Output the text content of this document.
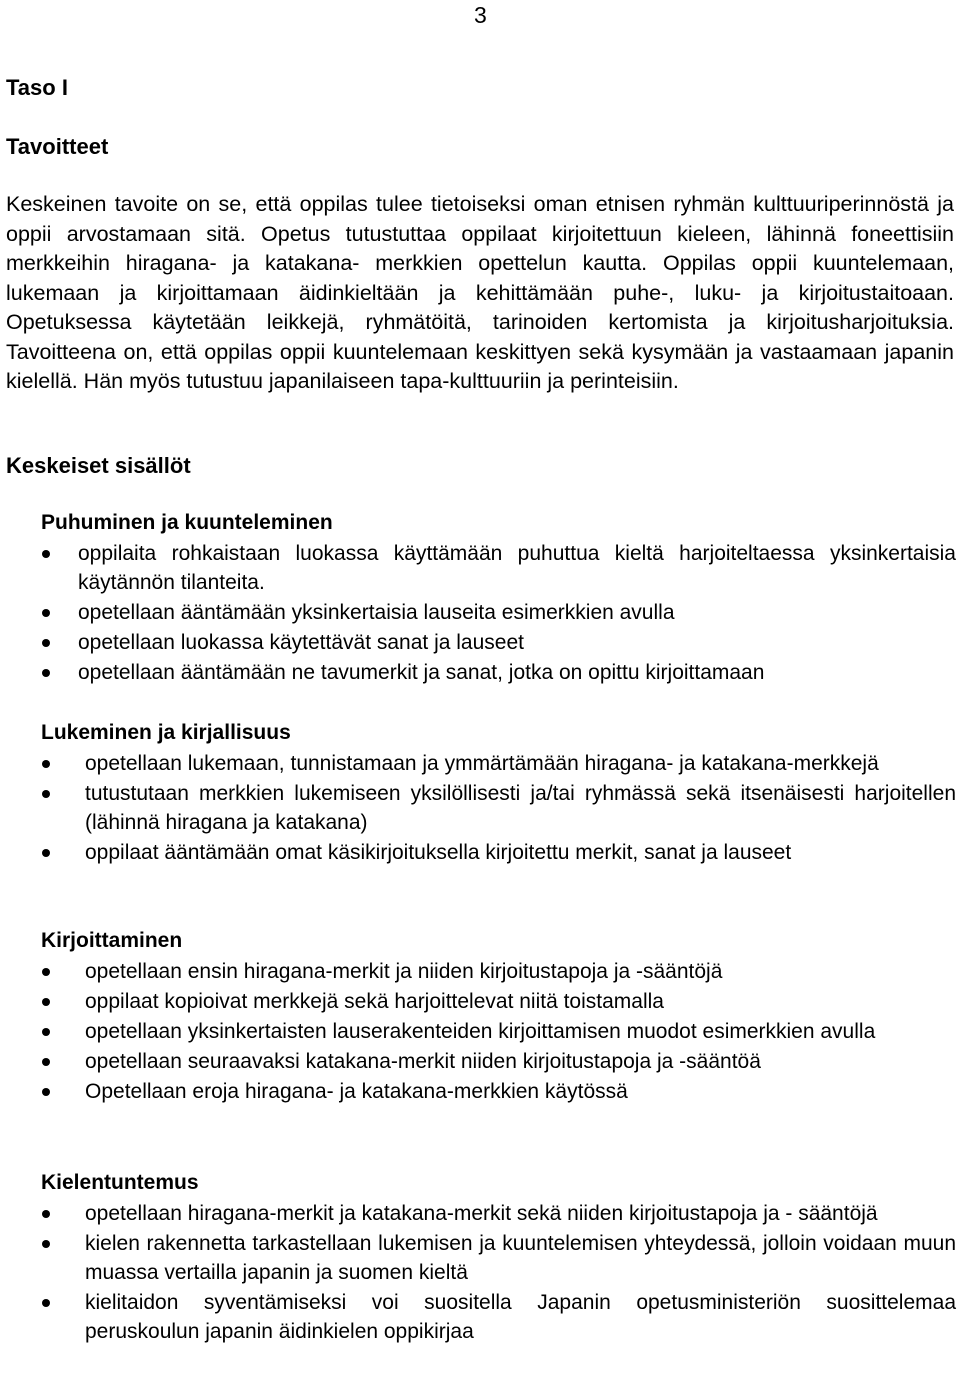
3
Taso I
Tavoitteet

Keskeinen tavoite on se, että oppilas tulee tietoiseksi oman etnisen ryhmän kulttuuriperinnöstä ja oppii arvostamaan sitä. Opetus tutustuttaa oppilaat kirjoitettuun kieleen, lähinnä foneettisiin merkkeihin hiragana- ja katakana- merkkien opettelun kautta. Oppilas oppii kuuntelemaan, lukemaan ja kirjoittamaan äidinkieltään ja kehittämään puhe-, luku- ja kirjoitustaitoaan. Opetuksessa käytetään leikkejä, ryhmätöitä, tarinoiden kertomista ja kirjoitusharjoituksia. Tavoitteena on, että oppilas oppii kuuntelemaan keskittyen sekä kysymään ja vastaamaan japanin kielellä. Hän myös tutustuu japanilaiseen tapa-kulttuuriin ja perinteisiin.

Keskeiset sisällöt
Puhuminen ja kuunteleminen
oppilaita rohkaistaan luokassa käyttämään puhuttua kieltä harjoiteltaessa yksinkertaisia käytännön tilanteita.
opetellaan ääntämään yksinkertaisia lauseita esimerkkien avulla
opetellaan luokassa käytettävät sanat ja lauseet
opetellaan ääntämään ne tavumerkit ja sanat, jotka on opittu kirjoittamaan
Lukeminen ja kirjallisuus
opetellaan lukemaan, tunnistamaan ja ymmärtämään hiragana- ja katakana-merkkejä
tutustutaan merkkien lukemiseen yksilöllisesti ja/tai ryhmässä sekä itsenäisesti harjoitellen (lähinnä hiragana ja katakana)
oppilaat ääntämään omat käsikirjoituksella kirjoitettu merkit, sanat ja lauseet
Kirjoittaminen
opetellaan ensin hiragana-merkit ja niiden kirjoitustapoja ja -sääntöjä
oppilaat kopioivat merkkejä sekä harjoittelevat niitä toistamalla
opetellaan yksinkertaisten lauserakenteiden kirjoittamisen muodot esimerkkien avulla
opetellaan seuraavaksi katakana-merkit niiden kirjoitustapoja ja -sääntöä
Opetellaan eroja hiragana- ja katakana-merkkien käytössä
Kielentuntemus
opetellaan hiragana-merkit ja katakana-merkit sekä niiden kirjoitustapoja ja - sääntöjä
kielen rakennetta tarkastellaan lukemisen ja kuuntelemisen yhteydessä, jolloin voidaan muun muassa vertailla japanin ja suomen kieltä
kielitaidon syventämiseksi voi suositella Japanin opetusministeriön suosittelemaa peruskoulun japanin äidinkielen oppikirjaa
